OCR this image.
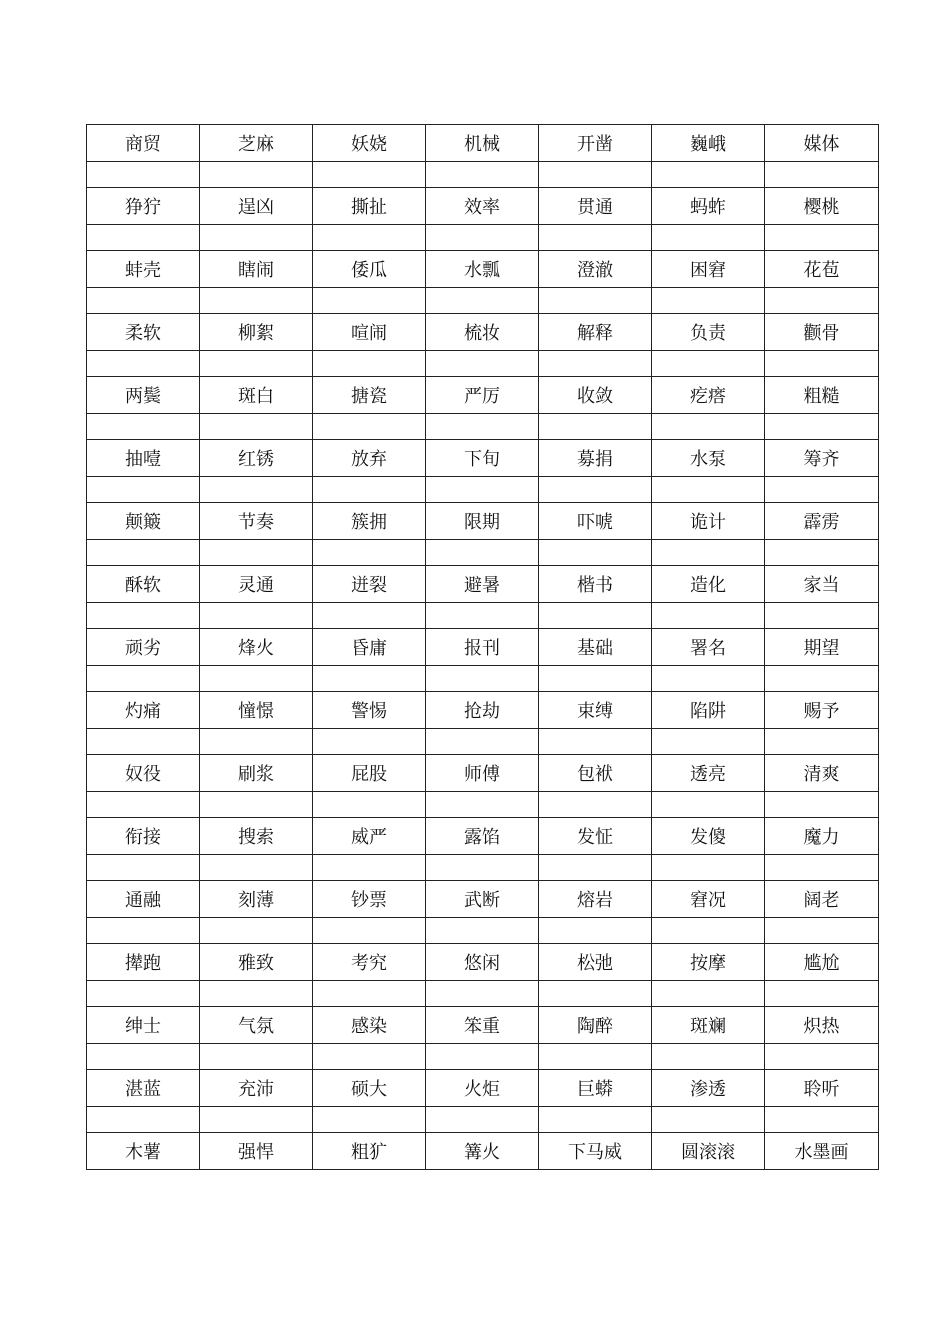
商贸	芝麻	妖娆	机械	开凿	巍峨	媒体

狰狞	逞凶	撕扯	效率	贯通	蚂蚱	樱桃

蚌壳	瞎闹	倭瓜	水瓢	澄澈	困窘	花苞

柔软	柳絮	喧闹	梳妆	解释	负责	颧骨

两鬓	斑白	搪瓷	严厉	收敛	疙瘩	粗糙

抽噎	红锈	放弃	下旬	募捐	水泵	筹齐

颠簸	节奏	簇拥	限期	吓唬	诡计	霹雳

酥软	灵通	迸裂	避暑	楷书	造化	家当

顽劣	烽火	昏庸	报刊	基础	署名	期望

灼痛	憧憬	警惕	抢劫	束缚	陷阱	赐予

奴役	刷浆	屁股	师傅	包袱	透亮	清爽

衔接	搜索	威严	露馅	发怔	发傻	魔力

通融	刻薄	钞票	武断	熔岩	窘况	阔老

撵跑	雅致	考究	悠闲	松弛	按摩	尴尬

绅士	气氛	感染	笨重	陶醉	斑斓	炽热

湛蓝	充沛	硕大	火炬	巨蟒	渗透	聆听

木薯	强悍	粗犷	篝火	下马威	圆滚滚	水墨画
